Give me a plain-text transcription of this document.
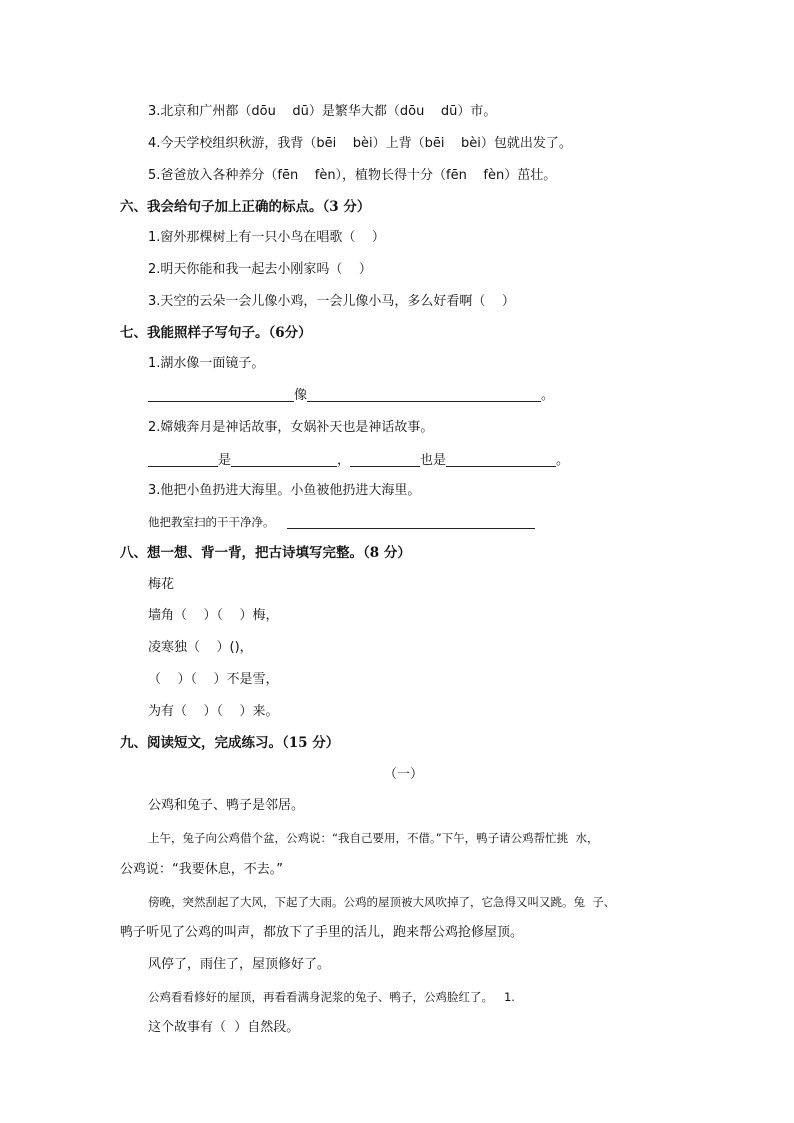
3.北京和广州都（dōu    dū）是繁华大都（dōu    dū）市。
4.今天学校组织秋游，我背（bēi    bèi）上背（bēi    bèi）包就出发了。
5.爸爸放入各种养分（fēn    fèn），植物长得十分（fēn    fèn）茁壮。
六、我会给句子加上正确的标点。（3 分）
1.窗外那棵树上有一只小鸟在唱歌（    ）
2.明天你能和我一起去小刚家吗（    ）
3.天空的云朵一会儿像小鸡，一会儿像小马，多么好看啊（    ）
七、我能照样子写句子。（6分）
1.湖水像一面镜子。
像	。
2.嫦娥奔月是神话故事，女娲补天也是神话故事。
是	，	也是	。
3.他把小鱼扔进大海里。小鱼被他扔进大海里。
他把教室扫的干干净净。
八、想一想、背一背，把古诗填写完整。（8 分）
梅花
墙角（    ）（    ）梅，
凌寒独（    ）()，
（    ）（    ）不是雪，
为有（    ）（    ）来。
九、阅读短文，完成练习。（15 分）
（一）
公鸡和兔子、鸭子是邻居。
上午，兔子向公鸡借个盆，公鸡说：“我自己要用，不借。”下午，鸭子请公鸡帮忙挑  水，
公鸡说：“我要休息，不去。”
傍晚，突然刮起了大风，下起了大雨。公鸡的屋顶被大风吹掉了，它急得又叫又跳。兔  子、
鸭子听见了公鸡的叫声，都放下了手里的活儿，跑来帮公鸡抢修屋顶。
风停了，雨住了，屋顶修好了。
公鸡看看修好的屋顶，再看看满身泥浆的兔子、鸭子，公鸡脸红了。   1.
这个故事有（  ）自然段。
